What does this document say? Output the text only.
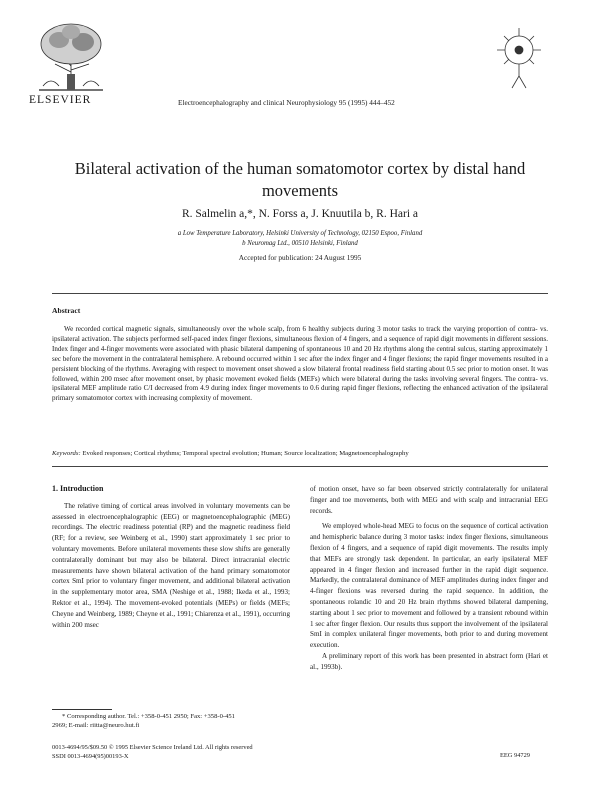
ELSEVIER	Electroencephalography and clinical Neurophysiology 95 (1995) 444–452
Bilateral activation of the human somatomotor cortex by distal hand movements
R. Salmelin a,*, N. Forss a, J. Knuutila b, R. Hari a
a Low Temperature Laboratory, Helsinki University of Technology, 02150 Espoo, Finland
b Neuromag Ltd., 00510 Helsinki, Finland
Accepted for publication: 24 August 1995
Abstract
We recorded cortical magnetic signals, simultaneously over the whole scalp, from 6 healthy subjects during 3 motor tasks to track the varying proportion of contra- vs. ipsilateral activation. The subjects performed self-paced index finger flexions, simultaneous flexion of 4 fingers, and a sequence of rapid digit movements in different sessions. Index finger and 4-finger movements were associated with phasic bilateral dampening of spontaneous 10 and 20 Hz rhythms along the central sulcus, starting approximately 1 sec before the movement in the contralateral hemisphere. A rebound occurred within 1 sec after the index finger and 4 finger flexions; the rapid finger movements resulted in a persistent blocking of the rhythms. Averaging with respect to movement onset showed a slow bilateral frontal readiness field starting about 0.5 sec prior to motion onset. It was followed, within 200 msec after movement onset, by phasic movement evoked fields (MEFs) which were bilateral during the tasks involving several fingers. The contra- vs. ipsilateral MEF amplitude ratio C/I decreased from 4.9 during index finger movements to 0.6 during rapid finger flexions, reflecting the enhanced activation of the ipsilateral primary somatomotor cortex with increasing complexity of movement.
Keywords: Evoked responses; Cortical rhythms; Temporal spectral evolution; Human; Source localization; Magnetoencephalography
1. Introduction

The relative timing of cortical areas involved in voluntary movements can be assessed in electroencephalographic (EEG) or magnetoencephalographic (MEG) recordings. The electric readiness potential (RP) and the magnetic readiness field (RF; for a review, see Weinberg et al., 1990) start approximately 1 sec prior to voluntary movements. Before unilateral movements these slow shifts are generally contralaterally dominant but may also be bilateral. Direct intracranial electric measurements have shown bilateral activation of the hand primary somatomotor cortex SmI prior to voluntary finger movement, and additional bilateral activation in the supplementary motor area, SMA (Neshige et al., 1988; Ikeda et al., 1993; Rektor et al., 1994). The movement-evoked potentials (MEPs) or fields (MEFs; Cheyne and Weinberg, 1989; Cheyne et al., 1991; Chiarenza et al., 1991), occurring within 200 msec

of motion onset, have so far been observed strictly contralaterally for unilateral finger and toe movements, both with MEG and with scalp and intracranial EEG records.

We employed whole-head MEG to focus on the sequence of cortical activation and hemispheric balance during 3 motor tasks: index finger flexions, simultaneous flexion of 4 fingers, and a sequence of rapid digit movements. The results imply that MEFs are strongly task dependent. In particular, an early ipsilateral MEF appeared in 4 finger flexion and increased further in the rapid digit sequence. Markedly, the contralateral dominance of MEF amplitudes during index finger and 4-finger flexions was reversed during the rapid sequence. In addition, the spontaneous rolandic 10 and 20 Hz brain rhythms showed bilateral dampening, starting about 1 sec prior to movement and followed by a transient rebound within 1 sec after finger flexion. Our results thus support the involvement of the ipsilateral SmI in complex unilateral finger movements, both prior to and during movement execution.

A preliminary report of this work has been presented in abstract form (Hari et al., 1993b).

* Corresponding author. Tel.: +358-0-451 2950; Fax: +358-0-451
2969; E-mail: riitta@neuro.hut.fi
0013-4694/95/$09.50 © 1995 Elsevier Science Ireland Ltd. All rights reserved
SSDI 0013-4694(95)00193-X	EEG 94729
